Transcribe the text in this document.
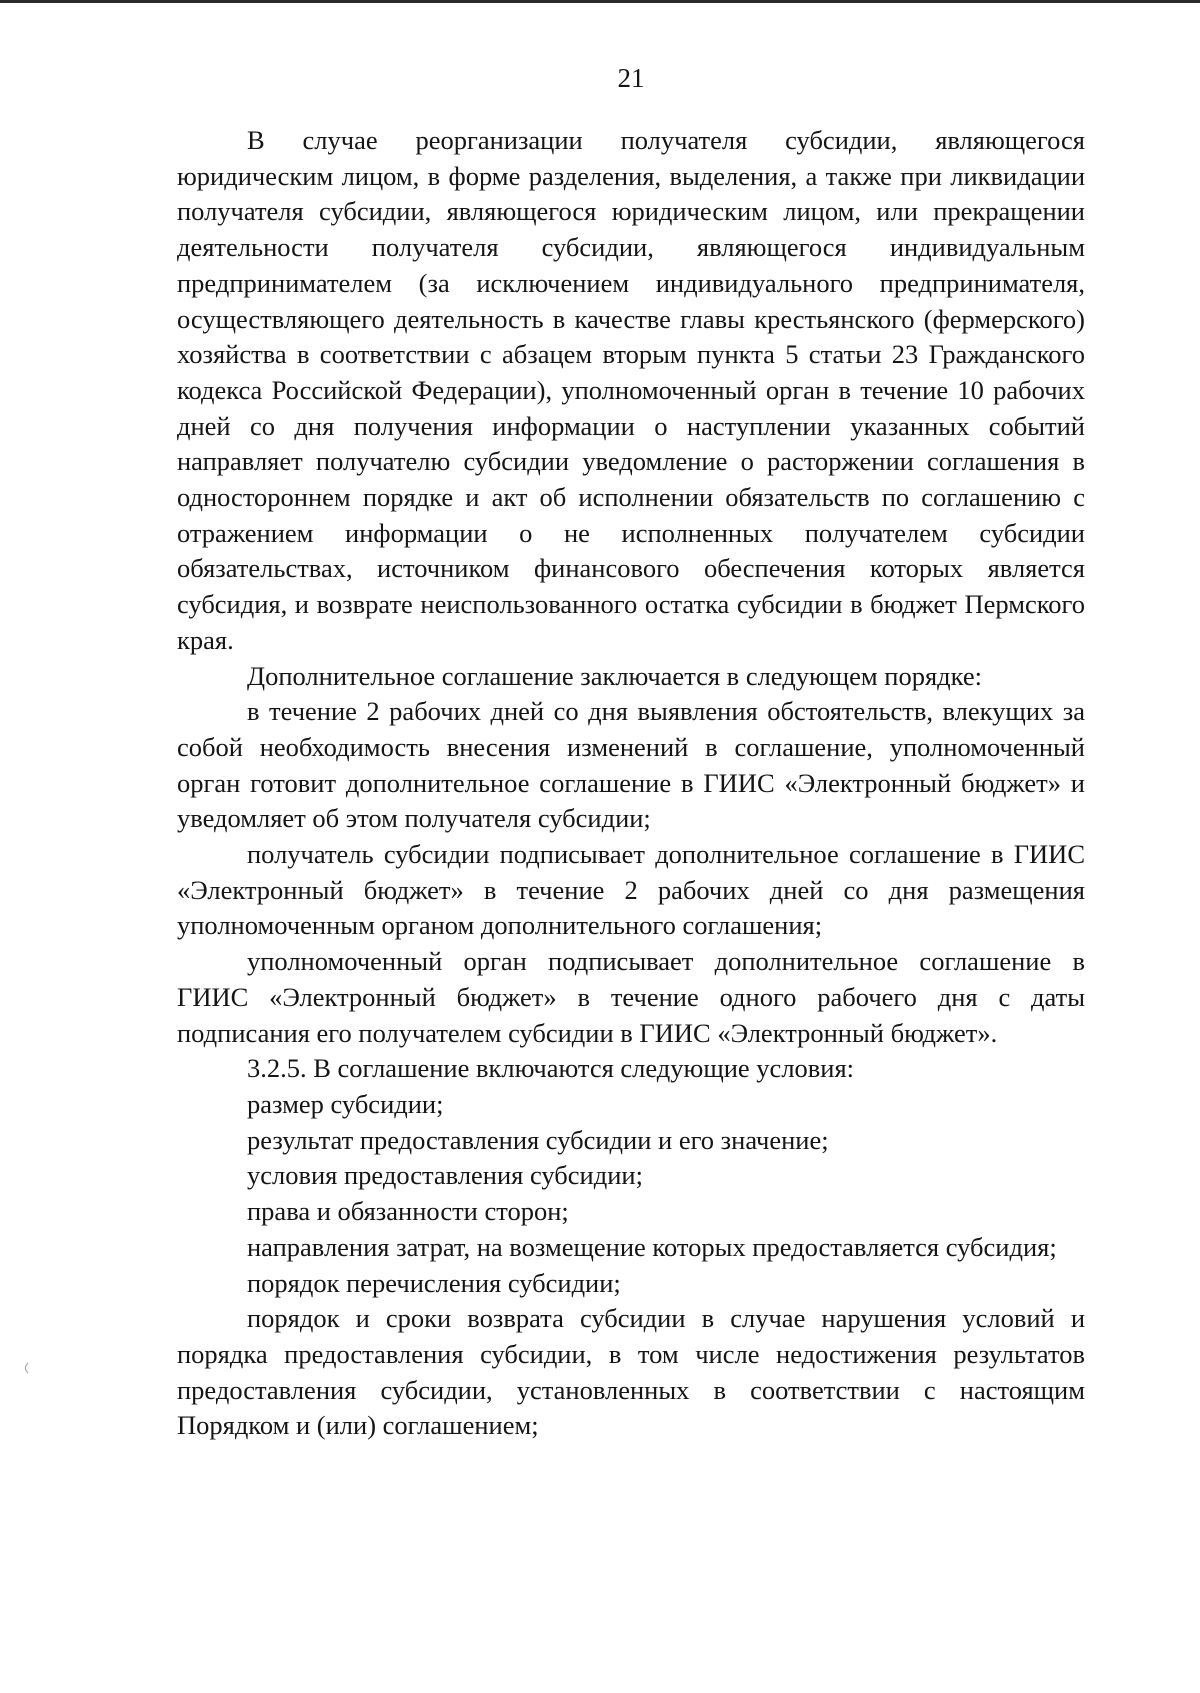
21

В случае реорганизации получателя субсидии, являющегося юридическим лицом, в форме разделения, выделения, а также при ликвидации получателя субсидии, являющегося юридическим лицом, или прекращении деятельности получателя субсидии, являющегося индивидуальным предпринимателем (за исключением индивидуального предпринимателя, осуществляющего деятельность в качестве главы крестьянского (фермерского) хозяйства в соответствии с абзацем вторым пункта 5 статьи 23 Гражданского кодекса Российской Федерации), уполномоченный орган в течение 10 рабочих дней со дня получения информации о наступлении указанных событий направляет получателю субсидии уведомление о расторжении соглашения в одностороннем порядке и акт об исполнении обязательств по соглашению с отражением информации о не исполненных получателем субсидии обязательствах, источником финансового обеспечения которых является субсидия, и возврате неиспользованного остатка субсидии в бюджет Пермского края.

Дополнительное соглашение заключается в следующем порядке:

в течение 2 рабочих дней со дня выявления обстоятельств, влекущих за собой необходимость внесения изменений в соглашение, уполномоченный орган готовит дополнительное соглашение в ГИИС «Электронный бюджет» и уведомляет об этом получателя субсидии;

получатель субсидии подписывает дополнительное соглашение в ГИИС «Электронный бюджет» в течение 2 рабочих дней со дня размещения уполномоченным органом дополнительного соглашения;

уполномоченный орган подписывает дополнительное соглашение в ГИИС «Электронный бюджет» в течение одного рабочего дня с даты подписания его получателем субсидии в ГИИС «Электронный бюджет».

3.2.5. В соглашение включаются следующие условия:

размер субсидии;

результат предоставления субсидии и его значение;

условия предоставления субсидии;

права и обязанности сторон;

направления затрат, на возмещение которых предоставляется субсидия;

порядок перечисления субсидии;

порядок и сроки возврата субсидии в случае нарушения условий и порядка предоставления субсидии, в том числе недостижения результатов предоставления субсидии, установленных в соответствии с настоящим Порядком и (или) соглашением;
